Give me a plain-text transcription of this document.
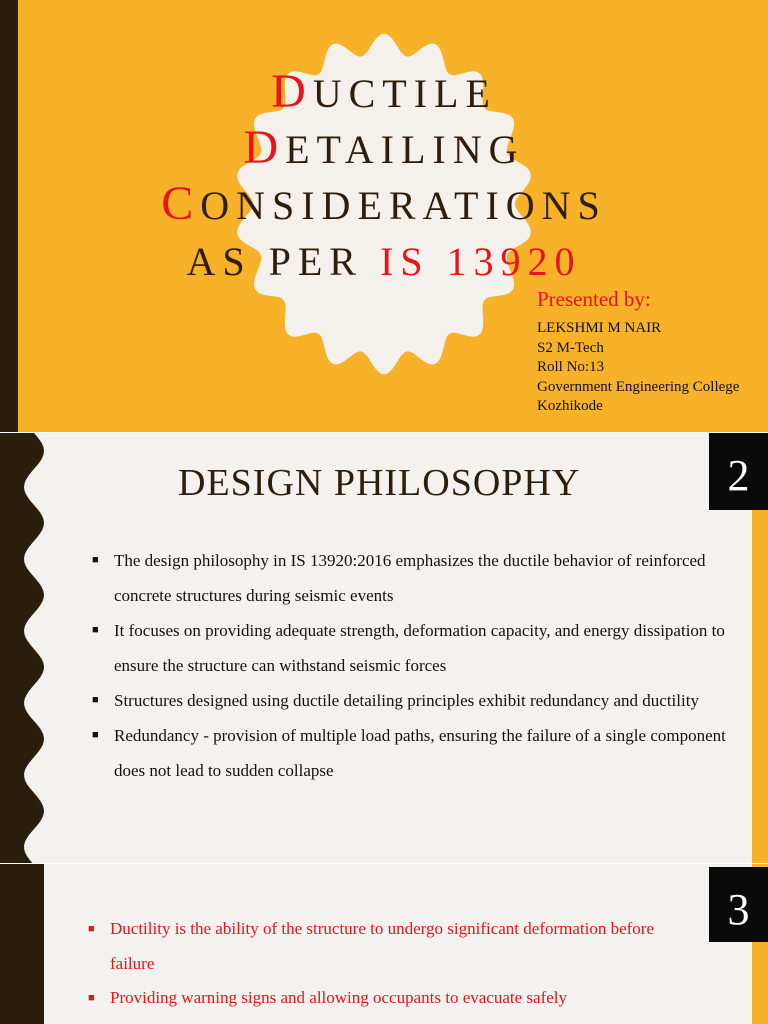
DUCTILE
DETAILING
CONSIDERATIONS
AS PER IS 13920
Presented by:
LEKSHMI M NAIR
S2 M-Tech
Roll No:13
Government Engineering College
Kozhikode
2
DESIGN PHILOSOPHY
■ The design philosophy in IS 13920:2016 emphasizes the ductile behavior of reinforced concrete structures during seismic events
■ It focuses on providing adequate strength, deformation capacity, and energy dissipation to ensure the structure can withstand seismic forces
■ Structures designed using ductile detailing principles exhibit redundancy and ductility
■ Redundancy - provision of multiple load paths, ensuring the failure of a single component does not lead to sudden collapse
3
■ Ductility is the ability of the structure to undergo significant deformation before failure
■ Providing warning signs and allowing occupants to evacuate safely
